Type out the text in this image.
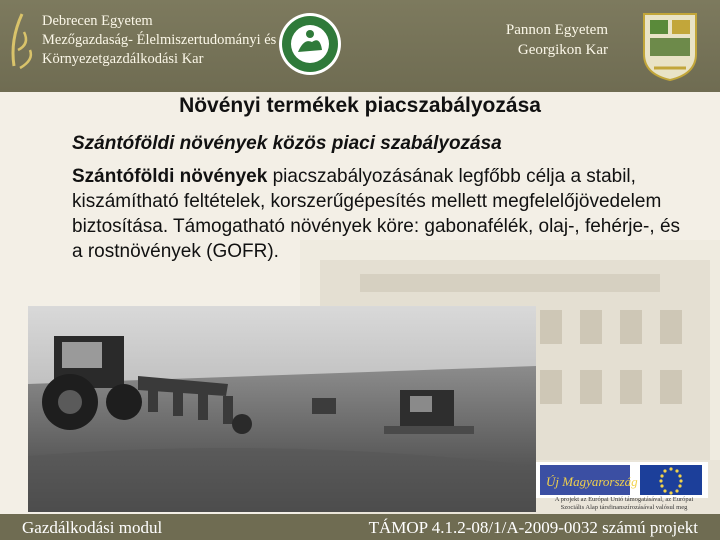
Debrecen Egyetem
Mezőgazdaság- Élelmiszertudományi és
Környezetgazdálkodási Kar
Pannon Egyetem
Georgikon Kar
Növényi termékek piacszabályozása
Szántóföldi növények közös piaci szabályozása
Szántóföldi növények piacszabályozásának legfőbb célja a stabil, kiszámítható feltételek, korszerűgépesítés mellett megfelelőjövedelem biztosítása. Támogatható növények köre: gabonafélék, olaj-, fehérje-, és a rostnövények (GOFR).
Új Magyarország
A projekt az Európai Unió támogatásával, az Európai
Szociális Alap társfinanszírozásával valósul meg
Gazdálkodási modul	TÁMOP 4.1.2-08/1/A-2009-0032 számú projekt
